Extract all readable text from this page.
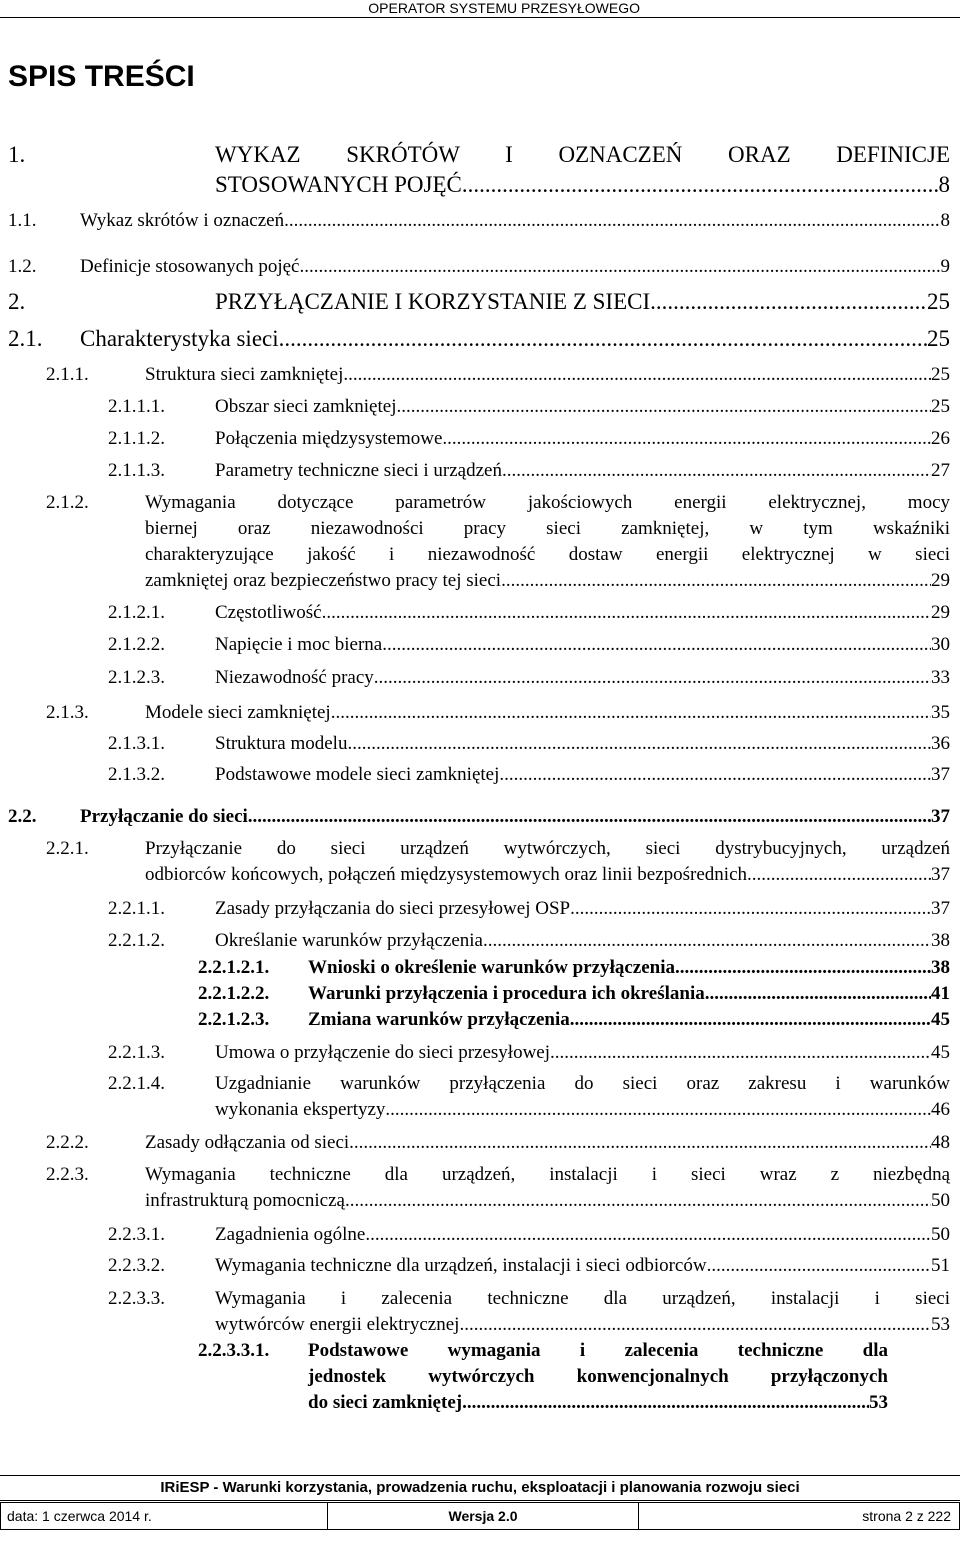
OPERATOR SYSTEMU PRZESYŁOWEGO
SPIS TREŚCI
1.	WYKAZ SKRÓTÓW I OZNACZEŃ ORAZ DEFINICJE
STOSOWANYCH POJĘĆ .....	8
1.1. Wykaz skrótów i oznaczeń .....	8
1.2. Definicje stosowanych pojęć .....	9
2.	PRZYŁĄCZANIE I KORZYSTANIE Z SIECI .....	25
2.1. Charakterystyka sieci .....	25
2.1.1.	Struktura sieci zamkniętej .....	25
2.1.1.1.	Obszar sieci zamkniętej .....	25
2.1.1.2.	Połączenia międzysystemowe .....	26
2.1.1.3.	Parametry techniczne sieci i urządzeń .....	27
2.1.2.	Wymagania dotyczące parametrów jakościowych energii elektrycznej, mocy
biernej oraz niezawodności pracy sieci zamkniętej, w tym wskaźniki
charakteryzujące jakość i niezawodność dostaw energii elektrycznej w sieci
zamkniętej oraz bezpieczeństwo pracy tej sieci .....	29
2.1.2.1.	Częstotliwość .....	29
2.1.2.2.	Napięcie i moc bierna .....	30
2.1.2.3.	Niezawodność pracy .....	33
2.1.3.	Modele sieci zamkniętej .....	35
2.1.3.1.	Struktura modelu .....	36
2.1.3.2.	Podstawowe modele sieci zamkniętej .....	37
2.2. Przyłączanie do sieci .....	37
2.2.1.	Przyłączanie do sieci urządzeń wytwórczych, sieci dystrybucyjnych, urządzeń
odbiorców końcowych, połączeń międzysystemowych oraz linii bezpośrednich .....	37
2.2.1.1.	Zasady przyłączania do sieci przesyłowej OSP .....	37
2.2.1.2.	Określanie warunków przyłączenia .....	38
2.2.1.2.1. Wnioski o określenie warunków przyłączenia .....	38
2.2.1.2.2. Warunki przyłączenia i procedura ich określania .....	41
2.2.1.2.3. Zmiana warunków przyłączenia .....	45
2.2.1.3.	Umowa o przyłączenie do sieci przesyłowej .....	45
2.2.1.4.	Uzgadnianie warunków przyłączenia do sieci oraz zakresu i warunków
wykonania ekspertyzy .....	46
2.2.2.	Zasady odłączania od sieci .....	48
2.2.3.	Wymagania techniczne dla urządzeń, instalacji i sieci wraz z niezbędną
infrastrukturą pomocniczą .....	50
2.2.3.1.	Zagadnienia ogólne .....	50
2.2.3.2.	Wymagania techniczne dla urządzeń, instalacji i sieci odbiorców .....	51
2.2.3.3.	Wymagania i zalecenia techniczne dla urządzeń, instalacji i sieci
wytwórców energii elektrycznej .....	53
2.2.3.3.1. Podstawowe wymagania i zalecenia techniczne dla
jednostek wytwórczych konwencjonalnych przyłączonych
do sieci zamkniętej .....	53
IRiESP - Warunki korzystania, prowadzenia ruchu, eksploatacji i planowania rozwoju sieci
data: 1 czerwca 2014 r.	Wersja 2.0	strona 2 z 222
